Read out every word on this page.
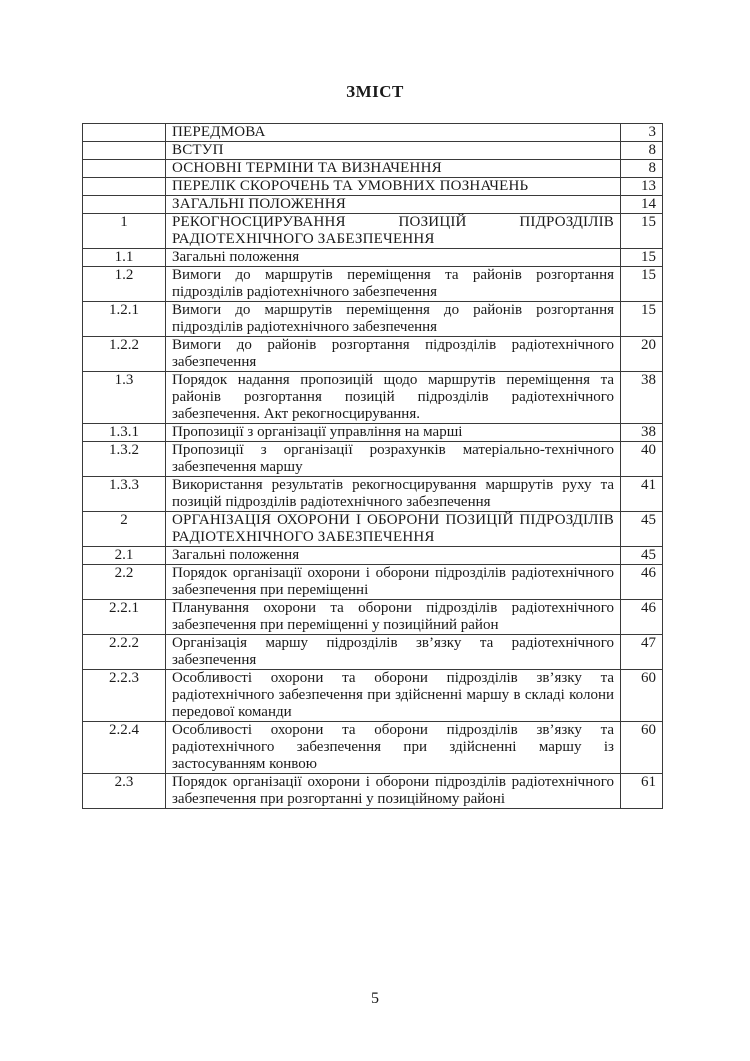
ЗМІСТ
	ПЕРЕДМОВА	3
	ВСТУП	8
	ОСНОВНІ ТЕРМІНИ ТА ВИЗНАЧЕННЯ	8
	ПЕРЕЛІК СКОРОЧЕНЬ ТА УМОВНИХ ПОЗНАЧЕНЬ	13
	ЗАГАЛЬНІ ПОЛОЖЕННЯ	14
1	РЕКОГНОСЦИРУВАННЯ ПОЗИЦІЙ ПІДРОЗДІЛІВ РАДІОТЕХНІЧНОГО ЗАБЕЗПЕЧЕННЯ	15
1.1	Загальні положення	15
1.2	Вимоги до маршрутів переміщення та районів розгортання підрозділів радіотехнічного забезпечення	15
1.2.1	Вимоги до маршрутів переміщення до районів розгортання підрозділів радіотехнічного забезпечення	15
1.2.2	Вимоги до районів розгортання підрозділів радіотехнічного забезпечення	20
1.3	Порядок надання пропозицій щодо маршрутів переміщення та районів розгортання позицій підрозділів радіотехнічного забезпечення. Акт рекогносцирування.	38
1.3.1	Пропозиції з організації управління на марші	38
1.3.2	Пропозиції з організації розрахунків матеріально-технічного забезпечення маршу	40
1.3.3	Використання результатів рекогносцирування маршрутів руху та позицій підрозділів радіотехнічного забезпечення	41
2	ОРГАНІЗАЦІЯ ОХОРОНИ І ОБОРОНИ ПОЗИЦІЙ ПІДРОЗДІЛІВ РАДІОТЕХНІЧНОГО ЗАБЕЗПЕЧЕННЯ	45
2.1	Загальні положення	45
2.2	Порядок організації охорони і оборони підрозділів радіотехнічного забезпечення при переміщенні	46
2.2.1	Планування охорони та оборони підрозділів радіотехнічного забезпечення при переміщенні у позиційний район	46
2.2.2	Організація маршу підрозділів зв’язку та радіотехнічного забезпечення	47
2.2.3	Особливості охорони та оборони підрозділів зв’язку та радіотехнічного забезпечення при здійсненні маршу в складі колони передової команди	60
2.2.4	Особливості охорони та оборони підрозділів зв’язку та радіотехнічного забезпечення при здійсненні маршу із застосуванням конвою	60
2.3	Порядок організації охорони і оборони підрозділів радіотехнічного забезпечення при розгортанні у позиційному районі	61
5
